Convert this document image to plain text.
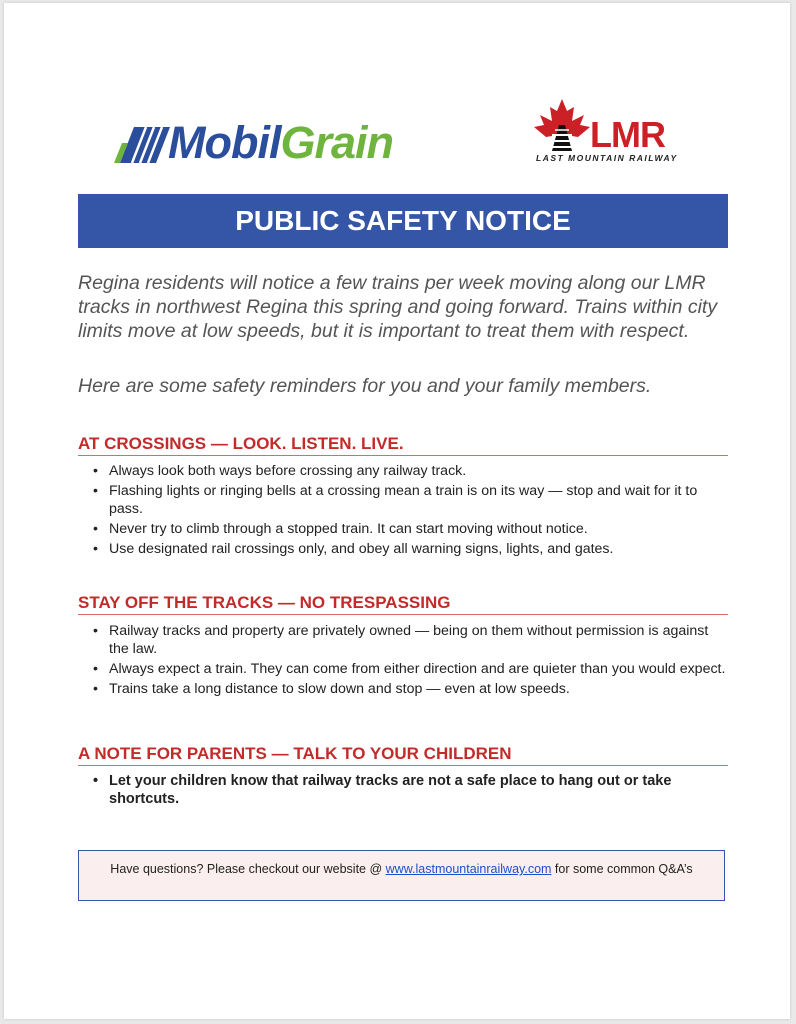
MobilGrain	LMR
LAST MOUNTAIN RAILWAY
PUBLIC SAFETY NOTICE

Regina residents will notice a few trains per week moving along our LMR tracks in northwest Regina this spring and going forward. Trains within city limits move at low speeds, but it is important to treat them with respect.

Here are some safety reminders for you and your family members.

AT CROSSINGS — LOOK. LISTEN. LIVE.
• Always look both ways before crossing any railway track.
• Flashing lights or ringing bells at a crossing mean a train is on its way — stop and wait for it to pass.
• Never try to climb through a stopped train. It can start moving without notice.
• Use designated rail crossings only, and obey all warning signs, lights, and gates.
STAY OFF THE TRACKS — NO TRESPASSING
• Railway tracks and property are privately owned — being on them without permission is against the law.
• Always expect a train. They can come from either direction and are quieter than you would expect.
• Trains take a long distance to slow down and stop — even at low speeds.
A NOTE FOR PARENTS — TALK TO YOUR CHILDREN
• Let your children know that railway tracks are not a safe place to hang out or take shortcuts.
Have questions? Please checkout our website @ www.lastmountainrailway.com for some common Q&A’s
